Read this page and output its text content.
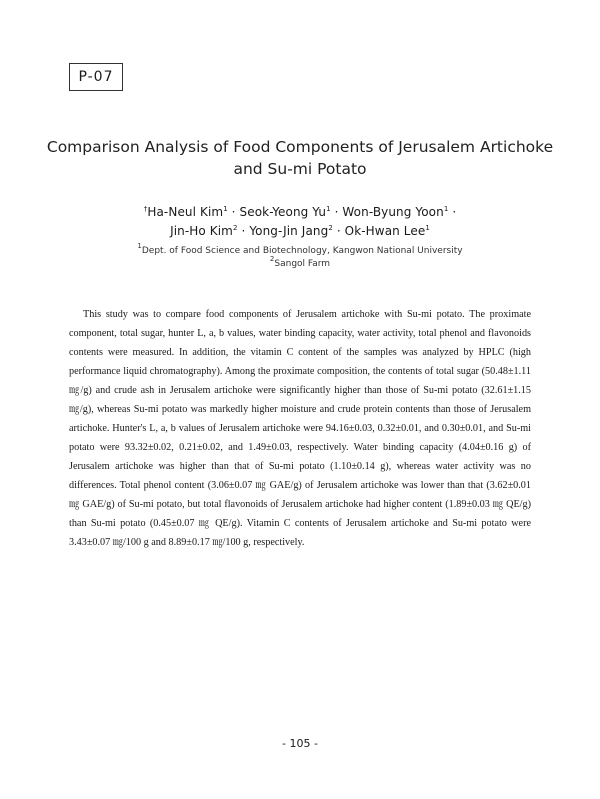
P-07
Comparison Analysis of Food Components of Jerusalem Artichoke
and Su-mi Potato
†Ha-Neul Kim$^1$ · Seok-Yeong $Yu^1$ · Won-Byung Yoon$^1$ ·
Jin-Ho Kim$^2$ · Yong-Jin Jang$^2$ · Ok-Hwan Lee$^1$
$^1$Dept. of Food Science and Biotechnology, Kangwon National University
$^2$Sangol Farm

This study was to compare food components of Jerusalem artichoke with Su-mi potato. The proximate component, total sugar, hunter L, a, b values, water binding capacity, water activity, total phenol and flavonoids contents were measured. In addition, the vitamin C content of the samples was analyzed by HPLC (high performance liquid chromatography). Among the proximate composition, the contents of total sugar (50.48±1.11 ㎎/g) and crude ash in Jerusalem artichoke were significantly higher than those of Su-mi potato (32.61±1.15 ㎎/g), whereas Su-mi potato was markedly higher moisture and crude protein contents than those of Jerusalem artichoke. Hunter's L, a, b values of Jerusalem artichoke were 94.16±0.03, 0.32±0.01, and 0.30±0.01, and Su-mi potato were 93.32±0.02, 0.21±0.02, and 1.49±0.03, respectively. Water binding capacity (4.04±0.16 g) of Jerusalem artichoke was higher than that of Su-mi potato (1.10±0.14 g), whereas water activity was no differences. Total phenol content (3.06±0.07 ㎎ GAE/g) of Jerusalem artichoke was lower than that (3.62±0.01 ㎎ GAE/g) of Su-mi potato, but total flavonoids of Jerusalem artichoke had higher content (1.89±0.03 ㎎ QE/g) than Su-mi potato (0.45±0.07 ㎎ QE/g). Vitamin C contents of Jerusalem artichoke and Su-mi potato were 3.43±0.07 ㎎/100 g and 8.89±0.17 ㎎/100 g, respectively.

- 105 -
